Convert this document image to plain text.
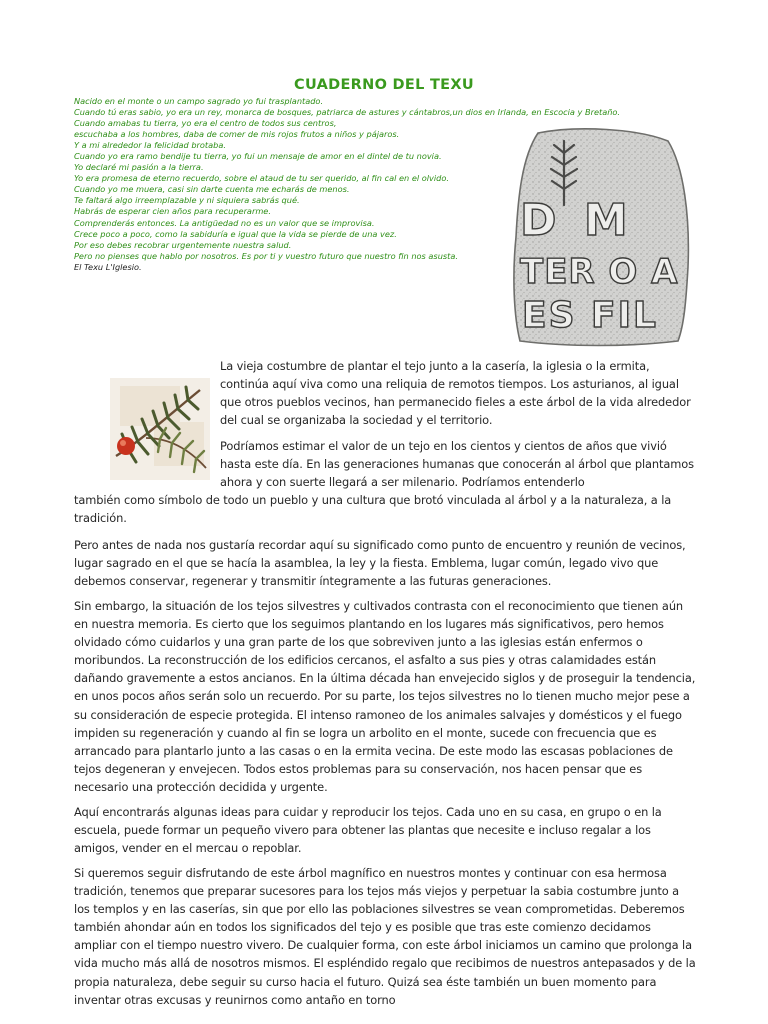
CUADERNO DEL TEXU
Nacido en el monte o un campo sagrado yo fui trasplantado.
Cuando tú eras sabio, yo era un rey, monarca de bosques, patriarca de astures y cántabros,un dios en Irlanda, en Escocia y Bretaño.
Cuando amabas tu tierra, yo era el centro de todos sus centros,
escuchaba a los hombres, daba de comer de mis rojos frutos a niños y pájaros.
Y a mi alrededor la felicidad brotaba.
Cuando yo era ramo bendije tu tierra, yo fui un mensaje de amor en el dintel de tu novia.
Yo declaré mi pasión a la tierra.
Yo era promesa de eterno recuerdo, sobre el ataud de tu ser querido, al fin cal en el olvido.
Cuando yo me muera, casi sin darte cuenta me echarás de menos.
Te faltará algo irreemplazable y ni siquiera sabrás qué.
Habrás de esperar cien años para recuperarme.
Comprenderás entonces. La antigüedad no es un valor que se improvisa.
Crece poco a poco, como la sabiduría e igual que la vida se pierde de una vez.
Por eso debes recobrar urgentemente nuestra salud.
Pero no pienses que hablo por nosotros. Es por ti y vuestro futuro que nuestro fin nos asusta.
El Texu L'Iglesio.
D M
TER O A
ES FIL

La vieja costumbre de plantar el tejo junto a la casería, la iglesia o la ermita, continúa aquí viva como una reliquia de remotos tiempos. Los asturianos, al igual que otros pueblos vecinos, han permanecido fieles a este árbol de la vida alrededor del cual se organizaba la sociedad y el territorio.

Podríamos estimar el valor de un tejo en los cientos y cientos de años que vivió hasta este día. En las generaciones humanas que conocerán al árbol que plantamos ahora y con suerte llegará a ser milenario. Podríamos entenderlo

también como símbolo de todo un pueblo y una cultura que brotó vinculada al árbol y a la naturaleza, a la tradición.

Pero antes de nada nos gustaría recordar aquí su significado como punto de encuentro y reunión de vecinos, lugar sagrado en el que se hacía la asamblea, la ley y la fiesta. Emblema, lugar común, legado vivo que debemos conservar, regenerar y transmitir íntegramente a las futuras generaciones.

Sin embargo, la situación de los tejos silvestres y cultivados contrasta con el reconocimiento que tienen aún en nuestra memoria. Es cierto que los seguimos plantando en los lugares más significativos, pero hemos olvidado cómo cuidarlos y una gran parte de los que sobreviven junto a las iglesias están enfermos o moribundos. La reconstrucción de los edificios cercanos, el asfalto a sus pies y otras calamidades están dañando gravemente a estos ancianos. En la última década han envejecido siglos y de proseguir la tendencia, en unos pocos años serán solo un recuerdo. Por su parte, los tejos silvestres no lo tienen mucho mejor pese a su consideración de especie protegida. El intenso ramoneo de los animales salvajes y domésticos y el fuego impiden su regeneración y cuando al fin se logra un arbolito en el monte, sucede con frecuencia que es arrancado para plantarlo junto a las casas o en la ermita vecina. De este modo las escasas poblaciones de tejos degeneran y envejecen. Todos estos problemas para su conservación, nos hacen pensar que es necesario una protección decidida y urgente.

Aquí encontrarás algunas ideas para cuidar y reproducir los tejos. Cada uno en su casa, en grupo o en la escuela, puede formar un pequeño vivero para obtener las plantas que necesite e incluso regalar a los amigos, vender en el mercau o repoblar.

Si queremos seguir disfrutando de este árbol magnífico en nuestros montes y continuar con esa hermosa tradición, tenemos que preparar sucesores para los tejos más viejos y perpetuar la sabia costumbre junto a los templos y en las caserías, sin que por ello las poblaciones silvestres se vean comprometidas. Deberemos también ahondar aún en todos los significados del tejo y es posible que tras este comienzo decidamos ampliar con el tiempo nuestro vivero. De cualquier forma, con este árbol iniciamos un camino que prolonga la vida mucho más allá de nosotros mismos. El espléndido regalo que recibimos de nuestros antepasados y de la propia naturaleza, debe seguir su curso hacia el futuro. Quizá sea éste también un buen momento para inventar otras excusas y reunirnos como antaño en torno
